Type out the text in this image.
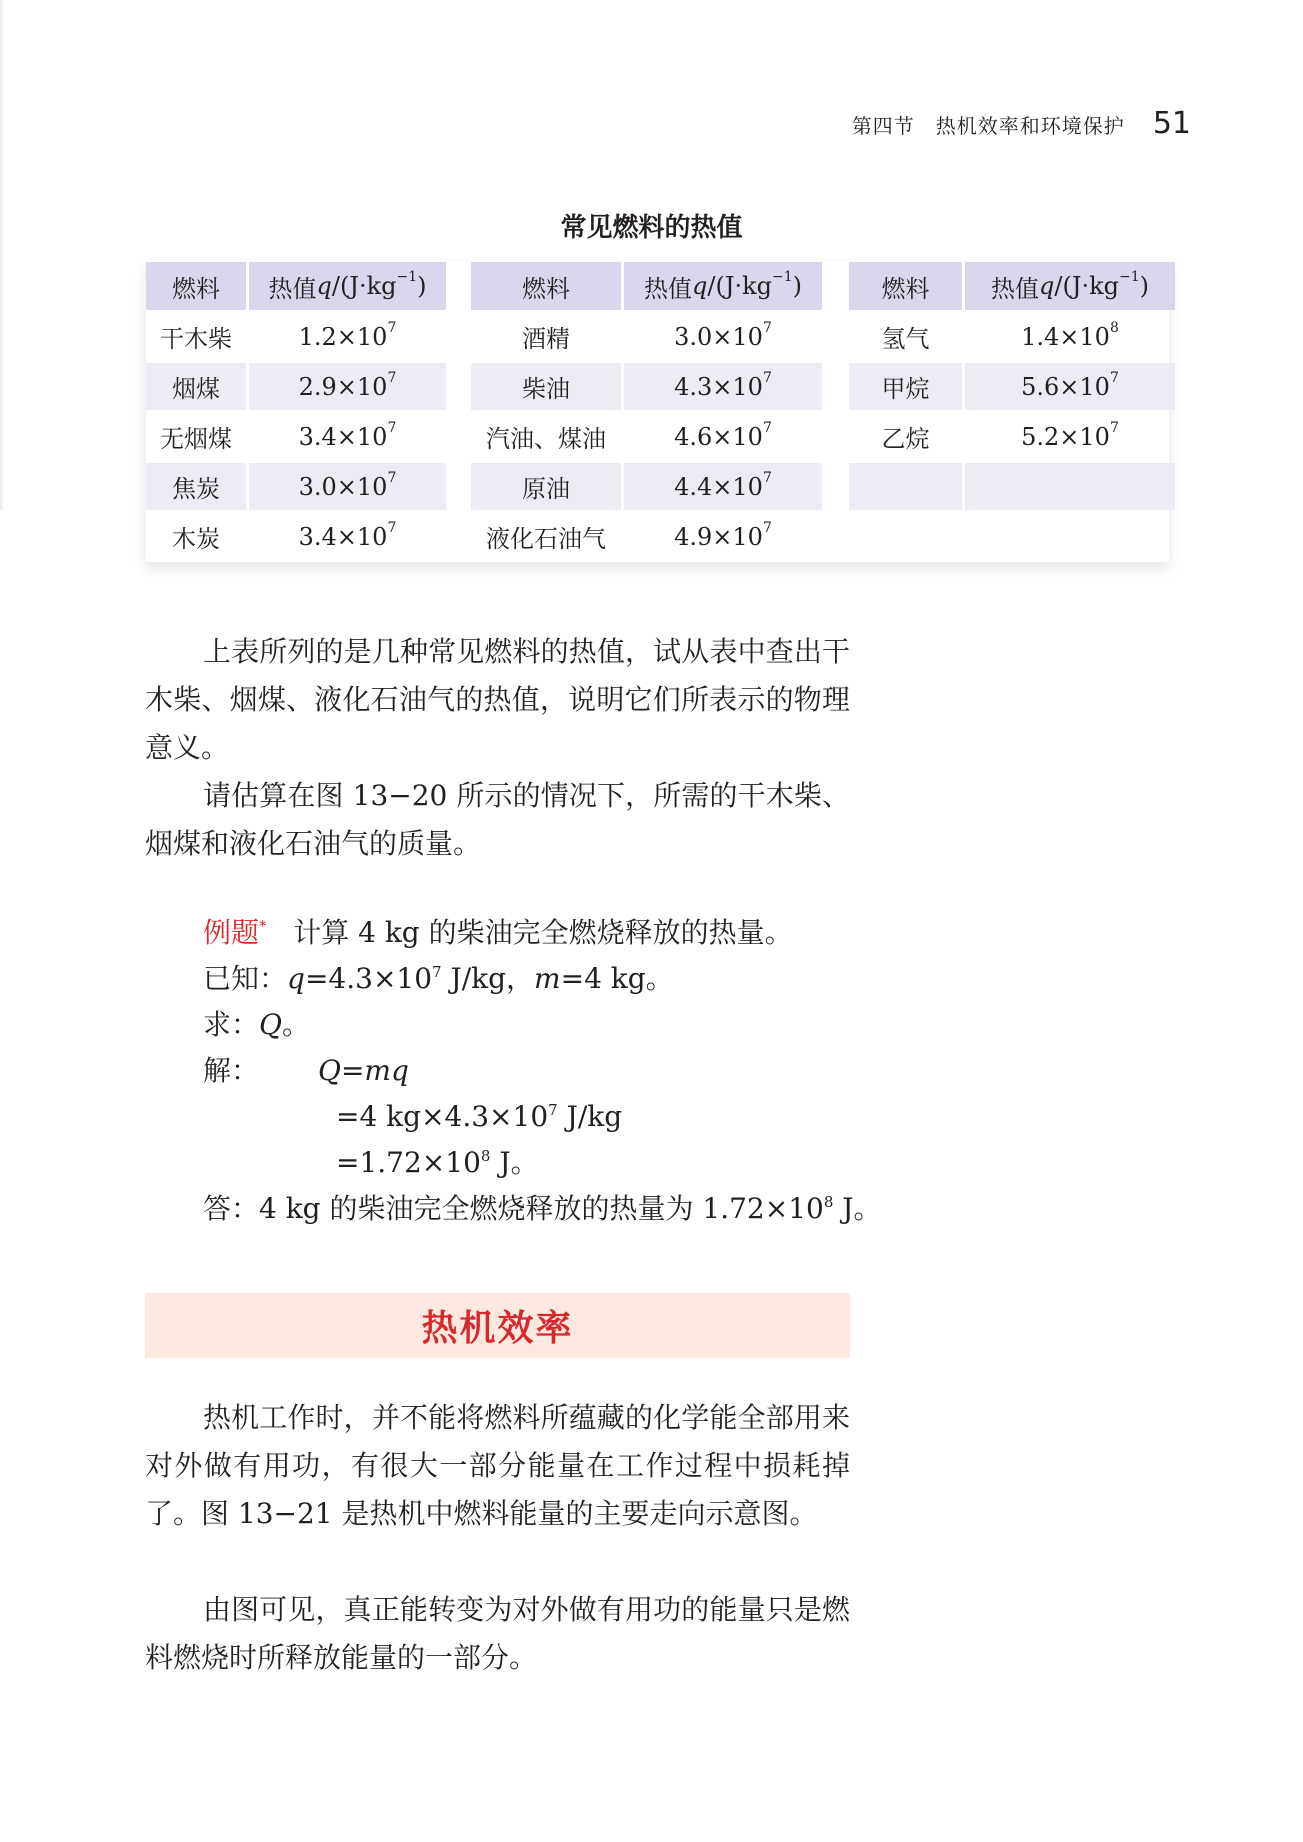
第四节　热机效率和环境保护 51
常见燃料的热值
燃料 热值 q $/(J\cdot kg^{-1}$ )
干木柴	$1.2\times 10^7$
烟煤	$2.9\times 10^7$
无烟煤	$3.4\times 10^7$
焦炭	$3.0\times 10^7$
木炭	$3.4\times 10^7$
燃料	热值 q $/(J\cdot kg^{-1}$ )
酒精	$3.0\times 10^7$
柴油	$4.3\times 10^7$
汽油、煤油	$4.6\times 10^7$
原油	$4.4\times 10^7$
液化石油气	$4.9\times 10^7$
燃料	热值 q $/(J\cdot kg^{-1}$ )
氢气	$1.4\times 10^8$
甲烷	$5.6\times 10^7$
乙烷	$5.2\times 10^7$

上表所列的是几种常见燃料的热值，试从表中查出干木柴、烟煤、液化石油气的热值，说明它们所表示的物理意义。

请估算在图 13−20 所示的情况下，所需的干木柴、烟煤和液化石油气的质量。

例题* 计算 4 kg 的柴油完全燃烧释放的热量。
已知：$q=4.3\times 10^7$ J/kg，m=4 kg。
求：Q。
解： Q=mq
=4 $kg\times 4.3\times 10^7$ J/kg
$=1.72\times 10^8$ J。
答：4 kg 的柴油完全燃烧释放的热量为 $1.72\times 10^8$ J。
热机效率

热机工作时，并不能将燃料所蕴藏的化学能全部用来对外做有用功，有很大一部分能量在工作过程中损耗掉了。图 13−21 是热机中燃料能量的主要走向示意图。

由图可见，真正能转变为对外做有用功的能量只是燃料燃烧时所释放能量的一部分。
